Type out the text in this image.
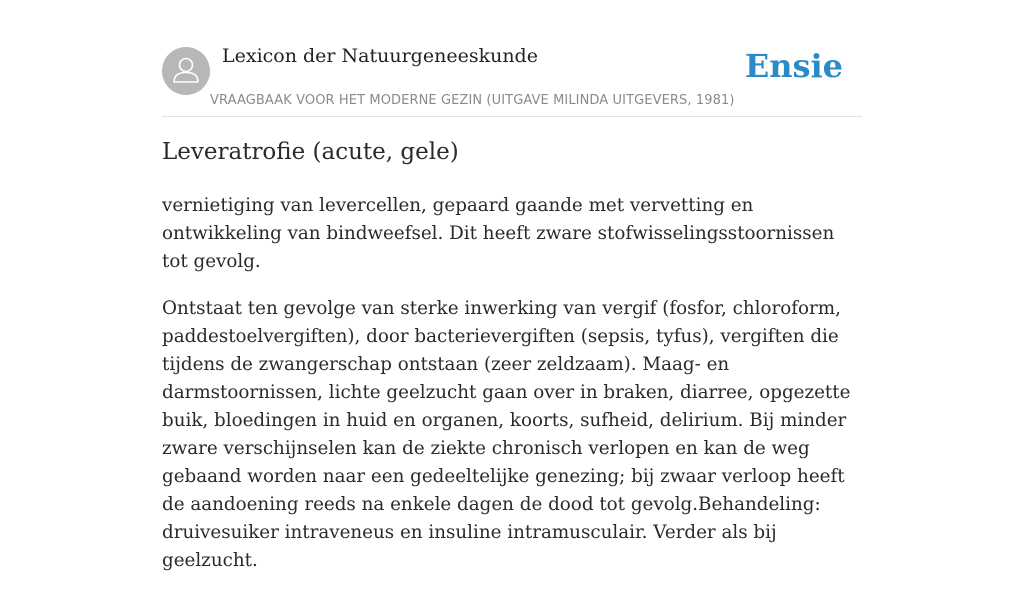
Lexicon der Natuurgeneeskunde
VRAAGBAAK VOOR HET MODERNE GEZIN (UITGAVE MILINDA UITGEVERS, 1981)
Ensie
Leveratrofie (acute, gele)

vernietiging van levercellen, gepaard gaande met vervetting en ontwikkeling van bindweefsel. Dit heeft zware stofwisselingsstoornissen tot gevolg.

Ontstaat ten gevolge van sterke inwerking van vergif (fosfor, chloroform, paddestoelvergiften), door bacterievergiften (sepsis, tyfus), vergiften die tijdens de zwangerschap ontstaan (zeer zeldzaam). Maag- en darmstoornissen, lichte geelzucht gaan over in braken, diarree, opgezette buik, bloedingen in huid en organen, koorts, sufheid, delirium. Bij minder zware verschijnselen kan de ziekte chronisch verlopen en kan de weg gebaand worden naar een gedeeltelijke genezing; bij zwaar verloop heeft de aandoening reeds na enkele dagen de dood tot gevolg.Behandeling: druivesuiker intraveneus en insuline intramusculair. Verder als bij geelzucht.
